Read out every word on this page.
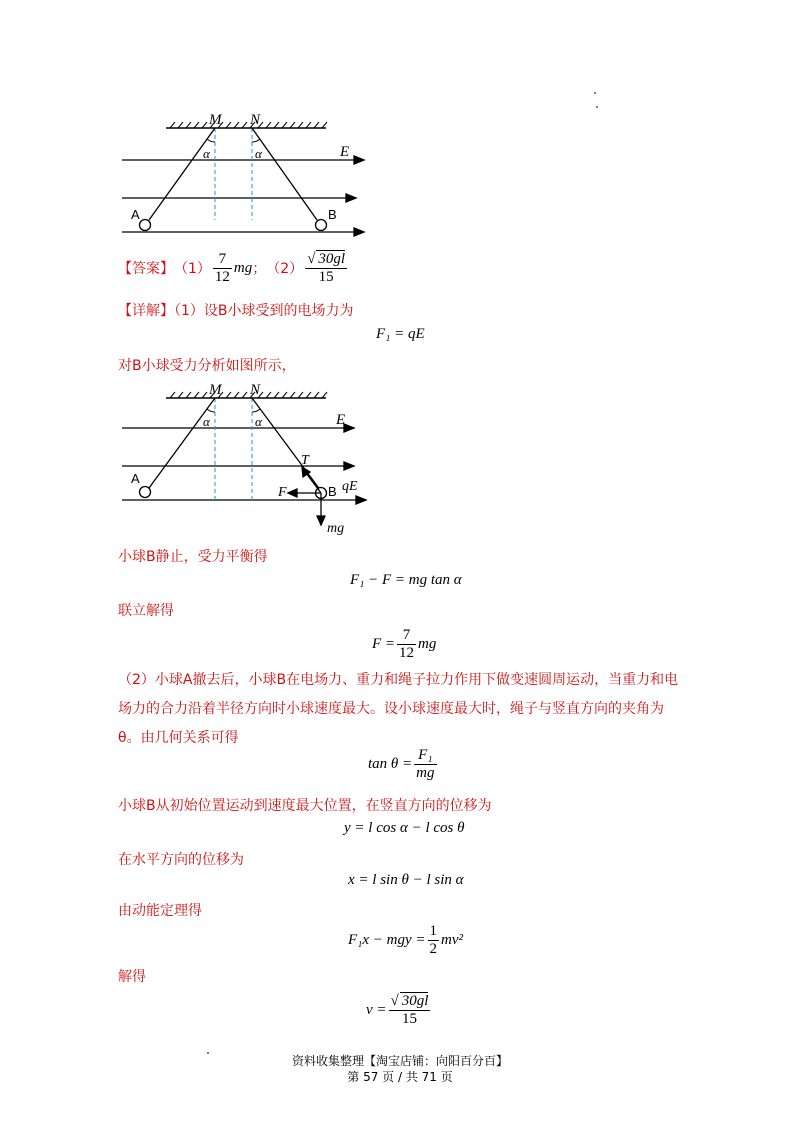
M N
E
α	α
A	B
【答案】 $(1) \frac{7}{12}$ mg ； $(2) \frac{√ 30gl}{15}$
【详解】（1）设B小球受到的电场力为
F₁ = qE
对B小球受力分析如图所示，
M N
E
α	α
A
B
T
F	qE
mg
小球B静止，受力平衡得
F₁ − F = mg tan α
联立解得
$F = \frac{7}{12}$ mg
（2）小球A撤去后，小球B在电场力、重力和绳子拉力作用下做变速圆周运动，当重力和电场力的合力沿着半径方向时小球速度最大。设小球速度最大时，绳子与竖直方向的夹角为θ。由几何关系可得
$\tan \theta = \frac{\text{F₁}}{mg}$
小球B从初始位置运动到速度最大位置，在竖直方向的位移为
y = l cos α − l cos θ
在水平方向的位移为
x = l sin θ − l sin α
由动能定理得
F₁x − mgy = $\frac{1}{2} mv^2$
解得
$v = \frac{√ 30gl}{15}$
资料收集整理【淘宝店铺：向阳百分百】
第 57 页 / 共 71 页
